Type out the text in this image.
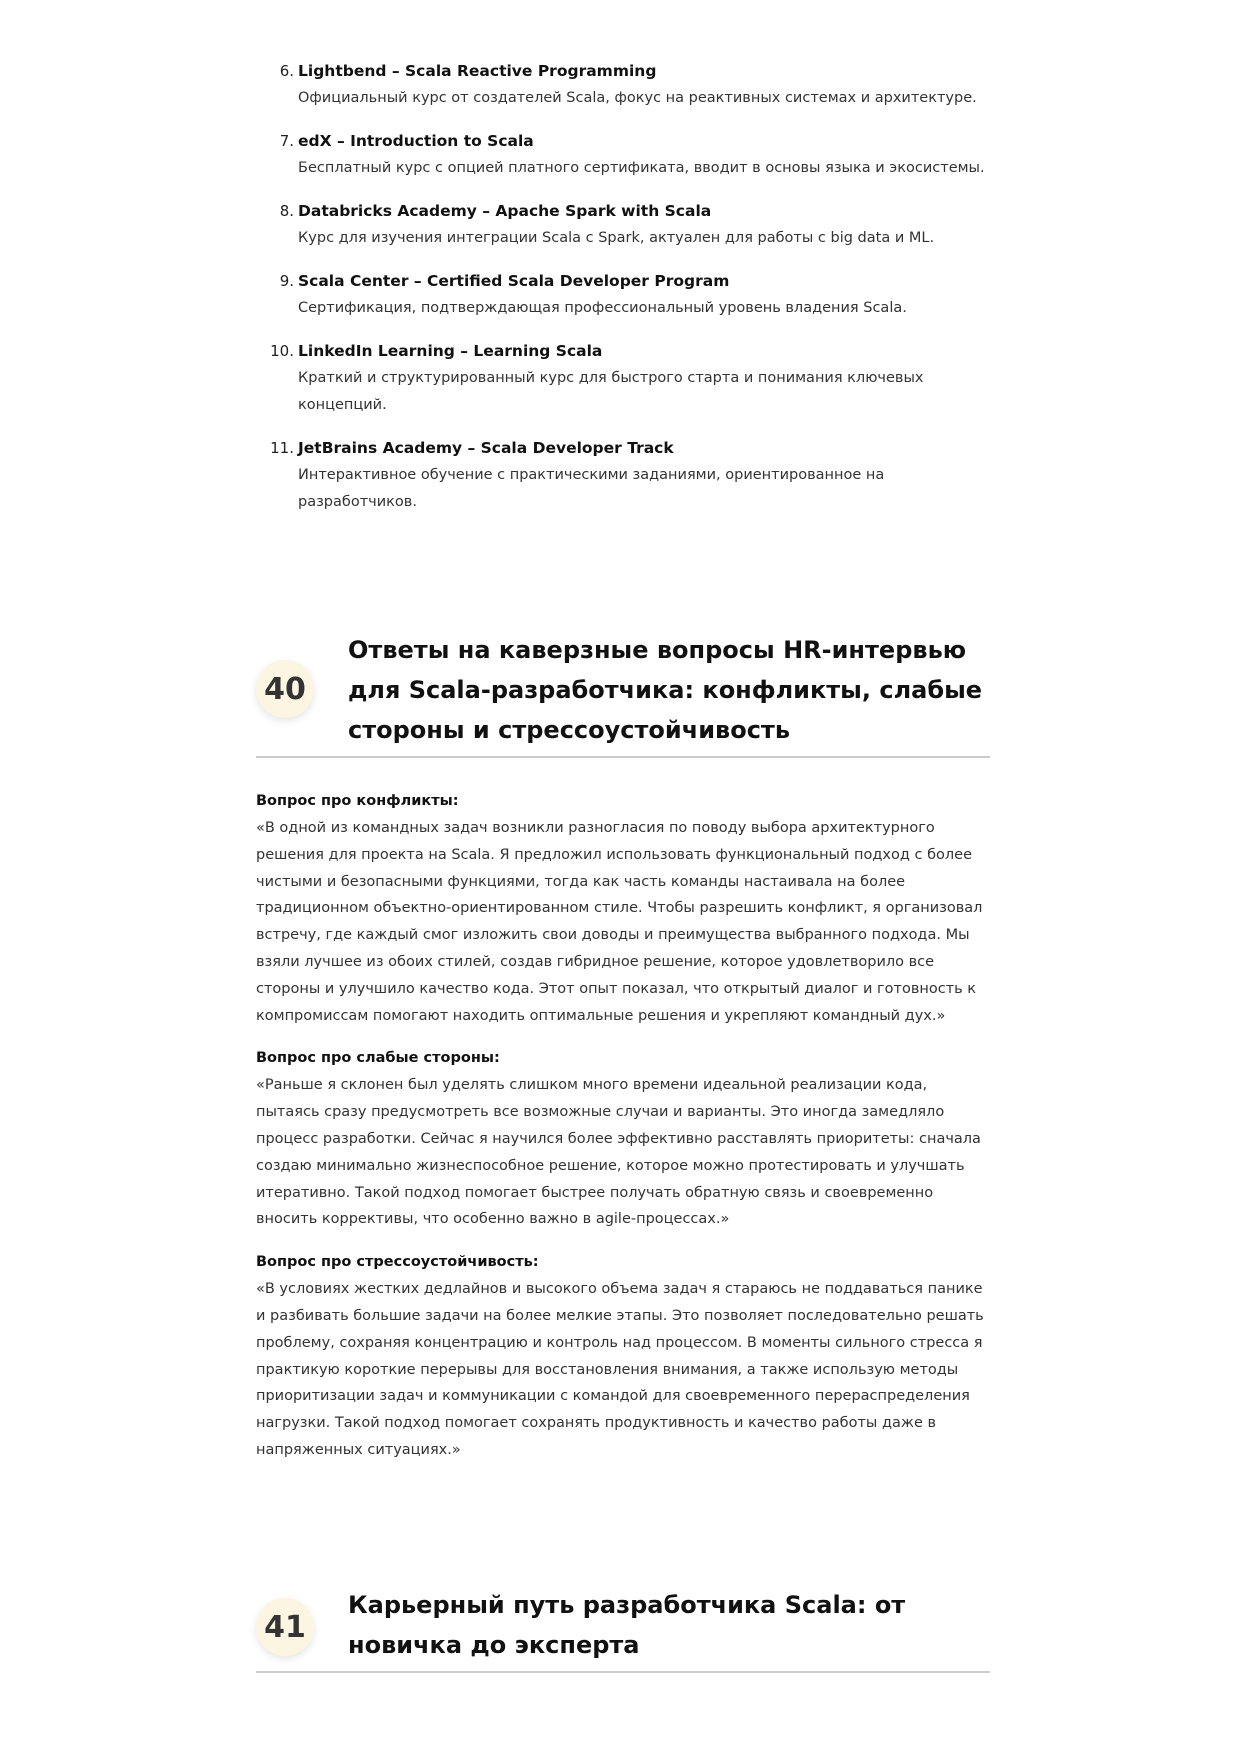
6. Lightbend – Scala Reactive Programming
Официальный курс от создателей Scala, фокус на реактивных системах и архитектуре.
7. edX – Introduction to Scala
Бесплатный курс с опцией платного сертификата, вводит в основы языка и экосистемы.
8. Databricks Academy – Apache Spark with Scala
Курс для изучения интеграции Scala с Spark, актуален для работы с big data и ML.
9. Scala Center – Certified Scala Developer Program
Сертификация, подтверждающая профессиональный уровень владения Scala.
10. LinkedIn Learning – Learning Scala
Краткий и структурированный курс для быстрого старта и понимания ключевых концепций.
11. JetBrains Academy – Scala Developer Track
Интерактивное обучение с практическими заданиями, ориентированное на разработчиков.
40
Ответы на каверзные вопросы HR-интервью для Scala-разработчика: конфликты, слабые стороны и стрессоустойчивость
Вопрос про конфликты:

«В одной из командных задач возникли разногласия по поводу выбора архитектурного решения для проекта на Scala. Я предложил использовать функциональный подход с более чистыми и безопасными функциями, тогда как часть команды настаивала на более традиционном объектно-ориентированном стиле. Чтобы разрешить конфликт, я организовал встречу, где каждый смог изложить свои доводы и преимущества выбранного подхода. Мы взяли лучшее из обоих стилей, создав гибридное решение, которое удовлетворило все стороны и улучшило качество кода. Этот опыт показал, что открытый диалог и готовность к компромиссам помогают находить оптимальные решения и укрепляют командный дух.»

Вопрос про слабые стороны:

«Раньше я склонен был уделять слишком много времени идеальной реализации кода, пытаясь сразу предусмотреть все возможные случаи и варианты. Это иногда замедляло процесс разработки. Сейчас я научился более эффективно расставлять приоритеты: сначала создаю минимально жизнеспособное решение, которое можно протестировать и улучшать итеративно. Такой подход помогает быстрее получать обратную связь и своевременно вносить коррективы, что особенно важно в agile-процессах.»

Вопрос про стрессоустойчивость:

«В условиях жестких дедлайнов и высокого объема задач я стараюсь не поддаваться панике и разбивать большие задачи на более мелкие этапы. Это позволяет последовательно решать проблему, сохраняя концентрацию и контроль над процессом. В моменты сильного стресса я практикую короткие перерывы для восстановления внимания, а также использую методы приоритизации задач и коммуникации с командой для своевременного перераспределения нагрузки. Такой подход помогает сохранять продуктивность и качество работы даже в напряженных ситуациях.»

41
Карьерный путь разработчика Scala: от новичка до эксперта
